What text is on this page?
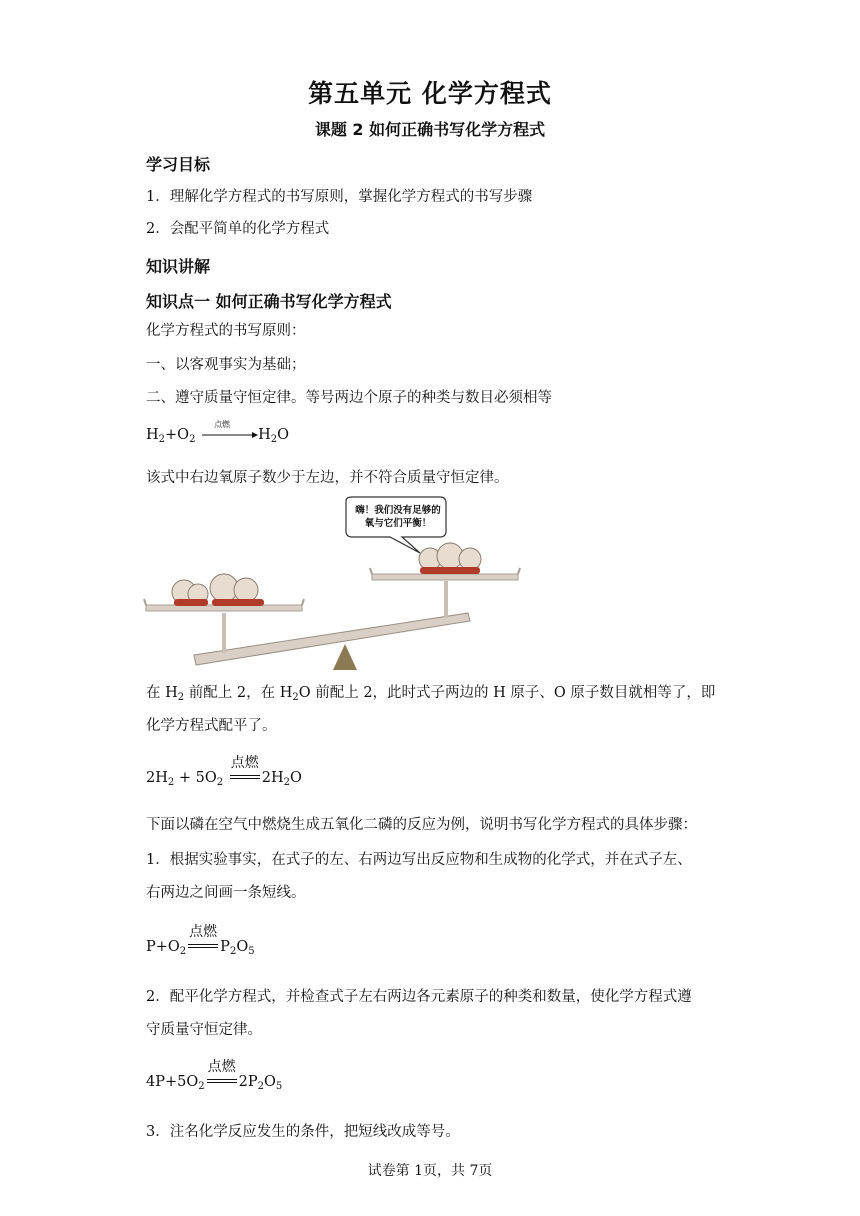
第五单元 化学方程式
课题 2 如何正确书写化学方程式
学习目标
1．理解化学方程式的书写原则，掌握化学方程式的书写步骤
2．会配平简单的化学方程式
知识讲解
知识点一 如何正确书写化学方程式
化学方程式的书写原则：
一、以客观事实为基础；
二、遵守质量守恒定律。等号两边个原子的种类与数目必须相等
$H_2+O_2$
点燃
$H_2O$
该式中右边氧原子数少于左边，并不符合质量守恒定律。
嗨！我们没有足够的
氧与它们平衡！
在 $H_2$ 前配上 2，在 $H_2O$ 前配上 2，此时式子两边的 H 原子、O 原子数目就相等了，即
化学方程式配平了。
$2H_2 + 5O_2$
点燃
$2H_2O$
下面以磷在空气中燃烧生成五氧化二磷的反应为例，说明书写化学方程式的具体步骤：
1．根据实验事实，在式子的左、右两边写出反应物和生成物的化学式，并在式子左、
右两边之间画一条短线。
$P+O_2$
点燃
$P_2O_5$
2．配平化学方程式，并检查式子左右两边各元素原子的种类和数量，使化学方程式遵
守质量守恒定律。
$4P+5O_2$
点燃
$2P_2O_5$
3．注名化学反应发生的条件，把短线改成等号。
试卷第 1页，共 7页
